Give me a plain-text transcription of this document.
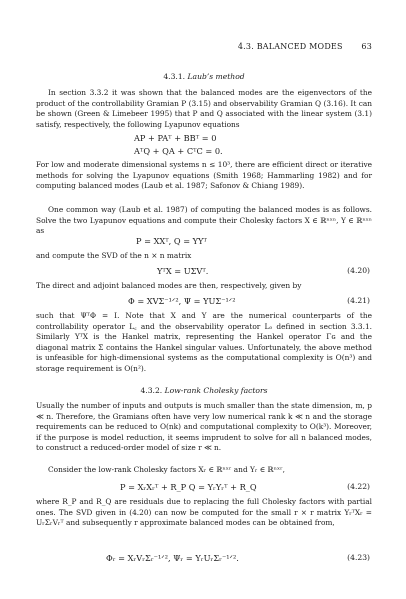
4.3. BALANCED MODES 63

4.3.1. Laub’s method

In section 3.3.2 it was shown that the balanced modes are the eigenvectors of the product of the controllability Gramian P (3.15) and observability Gramian Q (3.16). It can be shown (Green & Limebeer 1995) that P and Q associated with the linear system (3.1) satisfy, respectively, the following Lyapunov equations

AP + PAᵀ + BBᵀ = 0
AᵀQ + QA + CᵀC = 0.

For low and moderate dimensional systems n ≤ 10³, there are efficient direct or iterative methods for solving the Lyapunov equations (Smith 1968; Hammarling 1982) and for computing balanced modes (Laub et al. 1987; Safonov & Chiang 1989).

One common way (Laub et al. 1987) of computing the balanced modes is as follows. Solve the two Lyapunov equations and compute their Cholesky factors X ∈ ℝⁿˣⁿ, Y ∈ ℝⁿˣⁿ as

P = XXᵀ, Q = YYᵀ

and compute the SVD of the n × n matrix

YᵀX = UΣVᵀ.	(4.20)

The direct and adjoint balanced modes are then, respectively, given by

Φ = XVΣ⁻¹ᐟ², Ψ = YUΣ⁻¹ᐟ²	(4.21)

such that ΨᵀΦ = I. Note that X and Y are the numerical counterparts of the controllability operator L꜀ and the observability operator Lₒ defined in section 3.3.1. Similarly YᵀX is the Hankel matrix, representing the Hankel operator Γɢ and the diagonal matrix Σ contains the Hankel singular values. Unfortunately, the above method is unfeasible for high-dimensional systems as the computational complexity is O(n³) and storage requirement is O(n²).

4.3.2. Low-rank Cholesky factors

Usually the number of inputs and outputs is much smaller than the state dimension, m, p ≪ n. Therefore, the Gramians often have very low numerical rank k ≪ n and the storage requirements can be reduced to O(nk) and computational complexity to O(k³). Moreover, if the purpose is model reduction, it seems imprudent to solve for all n balanced modes, to construct a reduced-order model of size r ≪ n.

Consider the low-rank Cholesky factors Xᵣ ∈ ℝⁿˣʳ and Yᵣ ∈ ℝⁿˣʳ,

P = XᵣXᵣᵀ + R_P Q = YᵣYᵣᵀ + R_Q	(4.22)

where R_P and R_Q are residuals due to replacing the full Cholesky factors with partial ones. The SVD given in (4.20) can now be computed for the small r × r matrix YᵣᵀXᵣ = UᵣΣᵣVᵣᵀ and subsequently r approximate balanced modes can be obtained from,

Φᵣ = XᵣVᵣΣᵣ⁻¹ᐟ², Ψᵣ = YᵣUᵣΣᵣ⁻¹ᐟ².	(4.23)
